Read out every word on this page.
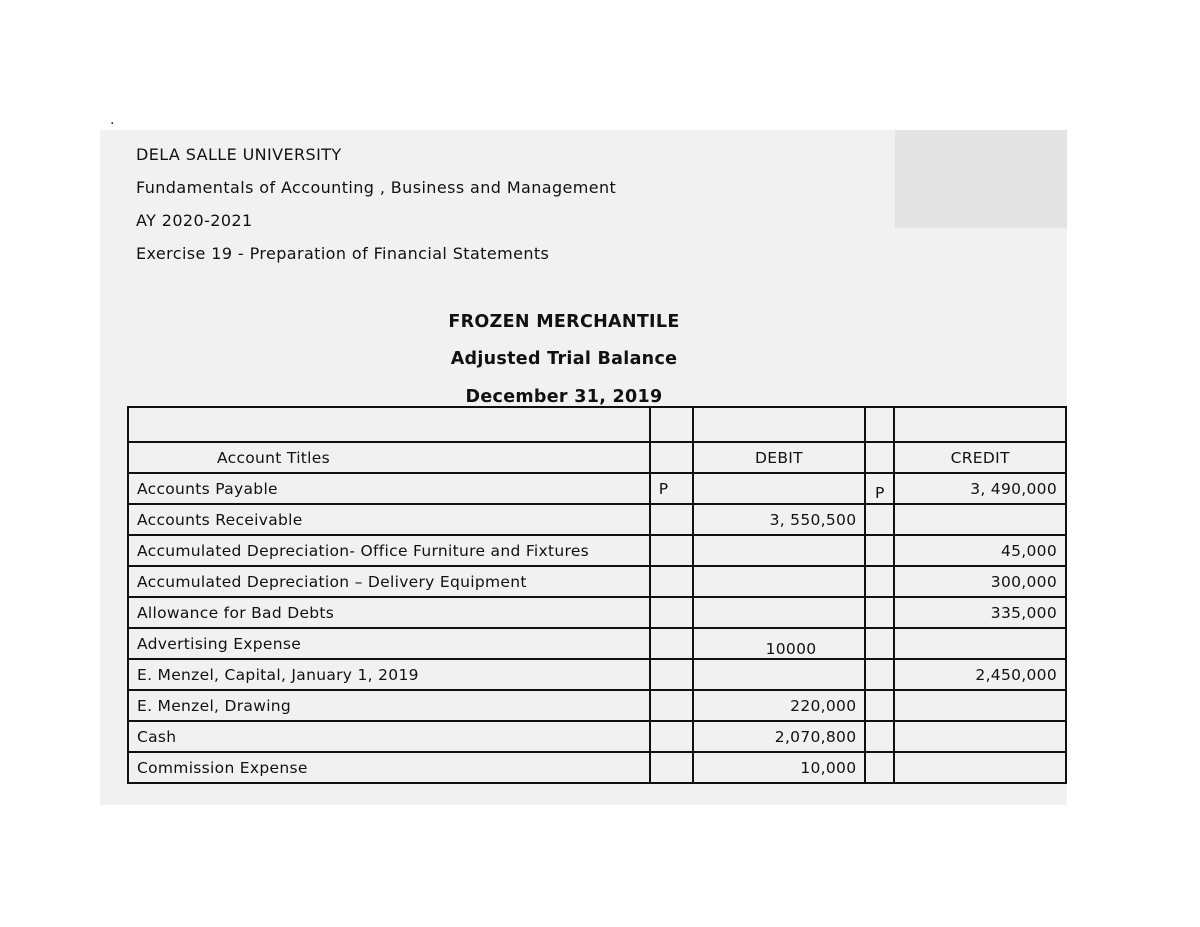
.
DELA SALLE UNIVERSITY
Fundamentals of Accounting , Business and Management
AY 2020-2021
Exercise 19 - Preparation of Financial Statements
FROZEN MERCHANTILE
Adjusted Trial Balance
December 31, 2019

Account Titles		DEBIT		CREDIT
Accounts Payable	P		P	3, 490,000
Accounts Receivable		3, 550,500		
Accumulated Depreciation- Office Furniture and Fixtures				45,000
Accumulated Depreciation – Delivery Equipment				300,000
Allowance for Bad Debts				335,000
Advertising Expense		10000		
E. Menzel, Capital, January 1, 2019				2,450,000
E. Menzel, Drawing		220,000		
Cash		2,070,800		
Commission Expense		10,000		
